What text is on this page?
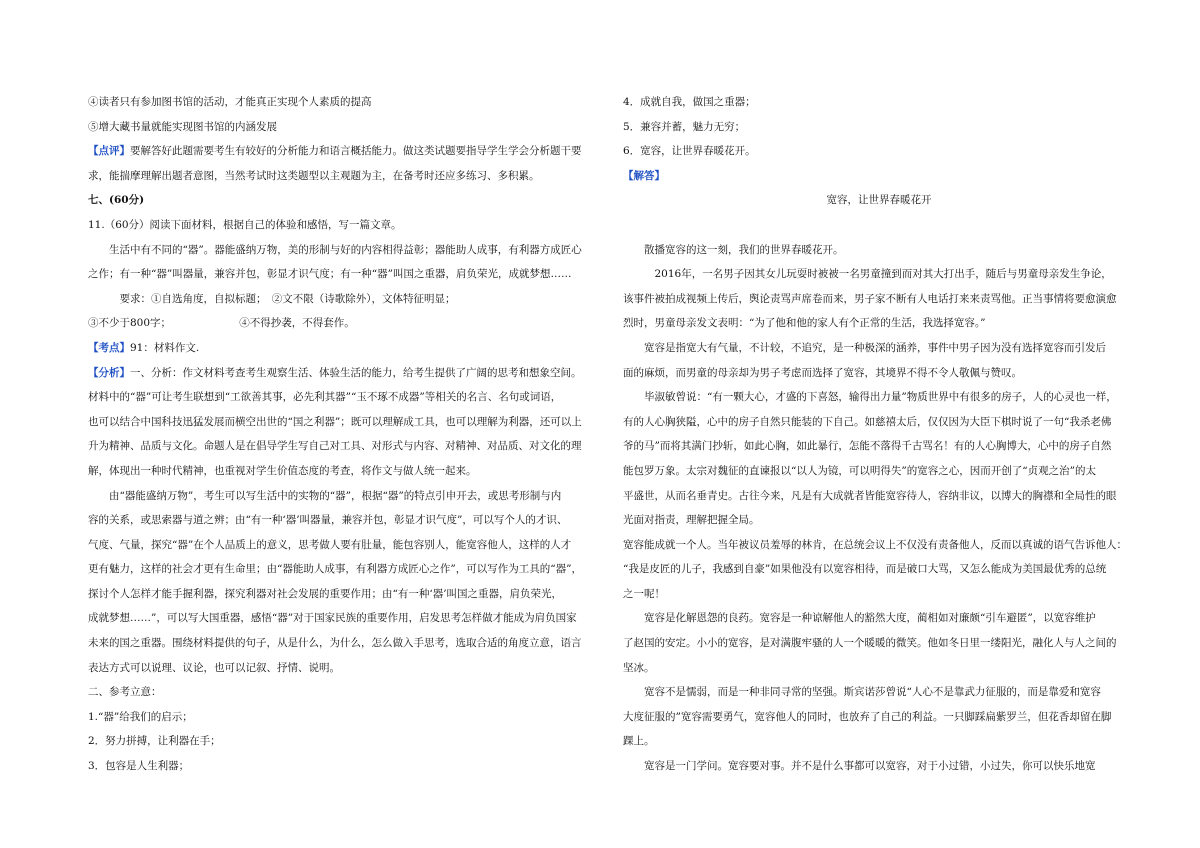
④读者只有参加图书馆的活动，才能真正实现个人素质的提高
⑤增大藏书量就能实现图书馆的内涵发展
【点评】要解答好此题需要考生有较好的分析能力和语言概括能力。做这类试题要指导学生学会分析题干要
求，能揣摩理解出题者意图，当然考试时这类题型以主观题为主，在备考时还应多练习、多积累。
七、(60分)
11.（60分）阅读下面材料，根据自己的体验和感悟，写一篇文章。
生活中有不同的“器”。器能盛纳万物，美的形制与好的内容相得益彰；器能助人成事，有利器方成匠心
之作；有一种“器”叫器量，兼容并包，彰显才识气度；有一种“器”叫国之重器，肩负荣光，成就梦想……
要求：①自选角度，自拟标题；　②文不限（诗歌除外），文体特征明显；
③不少于800字；　　　　　　　④不得抄袭，不得套作。
【考点】91：材料作文.
【分析】一、分析：作文材料考查考生观察生活、体验生活的能力，给考生提供了广阔的思考和想象空间。
材料中的“器”可让考生联想到“工欲善其事，必先利其器”“玉不琢不成器”等相关的名言、名句或词语，
也可以结合中国科技迅猛发展而横空出世的“国之利器”；既可以理解成工具，也可以理解为利器，还可以上
升为精神、品质与文化。命题人是在倡导学生写自己对工具、对形式与内容、对精神、对品质、对文化的理
解，体现出一种时代精神，也重视对学生价值态度的考查，将作文与做人统一起来。
由“器能盛纳万物”，考生可以写生活中的实物的“器”，根据“器”的特点引申开去，或思考形制与内
容的关系，或思索器与道之辨；由“有一种‘器’叫器量，兼容并包，彰显才识气度”，可以写个人的才识、
气度、气量，探究“器”在个人品质上的意义，思考做人要有肚量，能包容别人，能宽容他人，这样的人才
更有魅力，这样的社会才更有生命里；由“器能助人成事，有利器方成匠心之作”，可以写作为工具的“器”，
探讨个人怎样才能手握利器，探究利器对社会发展的重要作用；由“有一种‘器’叫国之重器，肩负荣光，
成就梦想……”，可以写大国重器，感悟“器”对于国家民族的重要作用，启发思考怎样做才能成为肩负国家
未来的国之重器。围绕材料提供的句子，从是什么，为什么，怎么做入手思考，选取合适的角度立意，语言
表达方式可以说理、议论，也可以记叙、抒情、说明。
二、参考立意：
1.“器”给我们的启示；
2．努力拼搏，让利器在手；
3．包容是人生利器；
4．成就自我，做国之重器；
5．兼容并蓄，魅力无穷；
6．宽容，让世界春暖花开。
【解答】
宽容，让世界春暖花开
散播宽容的这一刻，我们的世界春暖花开。
2016年，一名男子因其女儿玩耍时被被一名男童撞到而对其大打出手，随后与男童母亲发生争论，
该事件被拍成视频上传后，舆论责骂声席卷而来，男子家不断有人电话打来来责骂他。正当事情将要愈演愈
烈时，男童母亲发文表明：“为了他和他的家人有个正常的生活，我选择宽容。”
宽容是指宽大有气量，不计较，不追究，是一种极深的涵养，事件中男子因为没有选择宽容而引发后
面的麻烦，而男童的母亲却为男子考虑而选择了宽容，其境界不得不令人敬佩与赞叹。
毕淑敏曾说：“有一颗大心，才盛的下喜怒，输得出力量”物质世界中有很多的房子，人的心灵也一样，
有的人心胸狭隘，心中的房子自然只能装的下自己。如慈禧太后，仅仅因为大臣下棋时说了一句“我杀老佛
爷的马”而将其满门抄斩，如此心胸，如此暴行，怎能不落得千古骂名！有的人心胸博大，心中的房子自然
能包罗万象。太宗对魏征的直谏报以“以人为镜，可以明得失”的宽容之心，因而开创了“贞观之治”的太
平盛世，从而名垂青史。古往今来，凡是有大成就者皆能宽容待人，容纳非议，以博大的胸襟和全局性的眼
光面对指责，理解把握全局。
宽容能成就一个人。当年被议员羞辱的林肯，在总统会议上不仅没有责备他人，反而以真诚的语气告诉他人：
“我是皮匠的儿子，我感到自豪”如果他没有以宽容相待，而是破口大骂，又怎么能成为美国最优秀的总统
之一呢！
宽容是化解恩怨的良药。宽容是一种谅解他人的豁然大度，蔺相如对廉颇“引车避匿”，以宽容维护
了赵国的安定。小小的宽容，是对满腹牢骚的人一个暖暖的微笑。他如冬日里一缕阳光，融化人与人之间的
坚冰。
宽容不是懦弱，而是一种非同寻常的坚强。斯宾诺莎曾说“人心不是靠武力征服的，而是靠爱和宽容
大度征服的”宽容需要勇气，宽容他人的同时，也放弃了自己的利益。一只脚踩扁紫罗兰，但花香却留在脚
踝上。
宽容是一门学问。宽容要对事。并不是什么事都可以宽容，对于小过错，小过失，你可以快乐地宽
